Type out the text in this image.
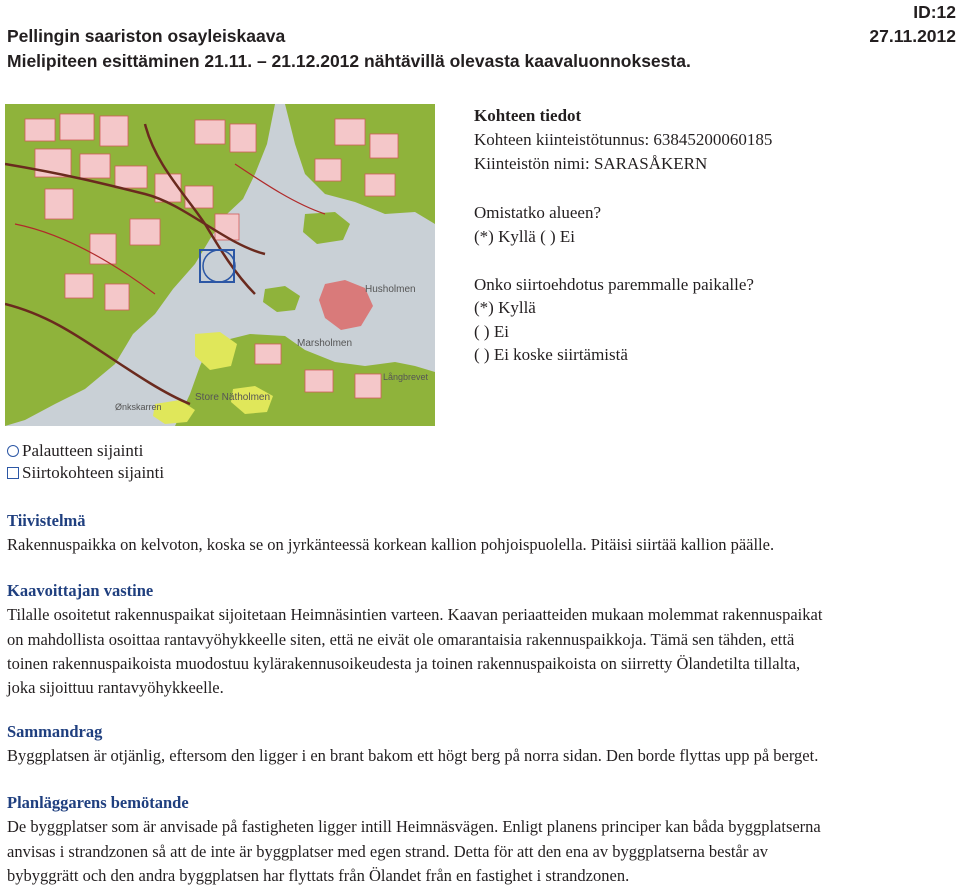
ID:12
Pellingin saariston osayleiskaava	27.11.2012
Mielipiteen esittäminen 21.11. – 21.12.2012 nähtävillä olevasta kaavaluonnoksesta.
Marsholmen
Husholmen
Store Nätholmen
Långbrevet
Ønkskarren
Kohteen tiedot
Kohteen kiinteistötunnus: 63845200060185
Kiinteistön nimi: SARASÅKERN
Omistatko alueen?
(*) Kyllä ( ) Ei
Onko siirtoehdotus paremmalle paikalle?
(*) Kyllä
( ) Ei
( ) Ei koske siirtämistä
Palautteen sijainti
Siirtokohteen sijainti
Tiivistelmä
Rakennuspaikka on kelvoton, koska se on jyrkänteessä korkean kallion pohjoispuolella. Pitäisi siirtää kallion päälle.
Kaavoittajan vastine
Tilalle osoitetut rakennuspaikat sijoitetaan Heimnäsintien varteen. Kaavan periaatteiden mukaan molemmat rakennuspaikat
on mahdollista osoittaa rantavyöhykkeelle siten, että ne eivät ole omarantaisia rakennuspaikkoja. Tämä sen tähden, että
toinen rakennuspaikoista muodostuu kylärakennusoikeudesta ja toinen rakennuspaikoista on siirretty Ölandetilta tillalta,
joka sijoittuu rantavyöhykkeelle.
Sammandrag
Byggplatsen är otjänlig, eftersom den ligger i en brant bakom ett högt berg på norra sidan. Den borde flyttas upp på berget.
Planläggarens bemötande
De byggplatser som är anvisade på fastigheten ligger intill Heimnäsvägen. Enligt planens principer kan båda byggplatserna
anvisas i strandzonen så att de inte är byggplatser med egen strand. Detta för att den ena av byggplatserna består av
bybyggrätt och den andra byggplatsen har flyttats från Ölandet från en fastighet i strandzonen.
